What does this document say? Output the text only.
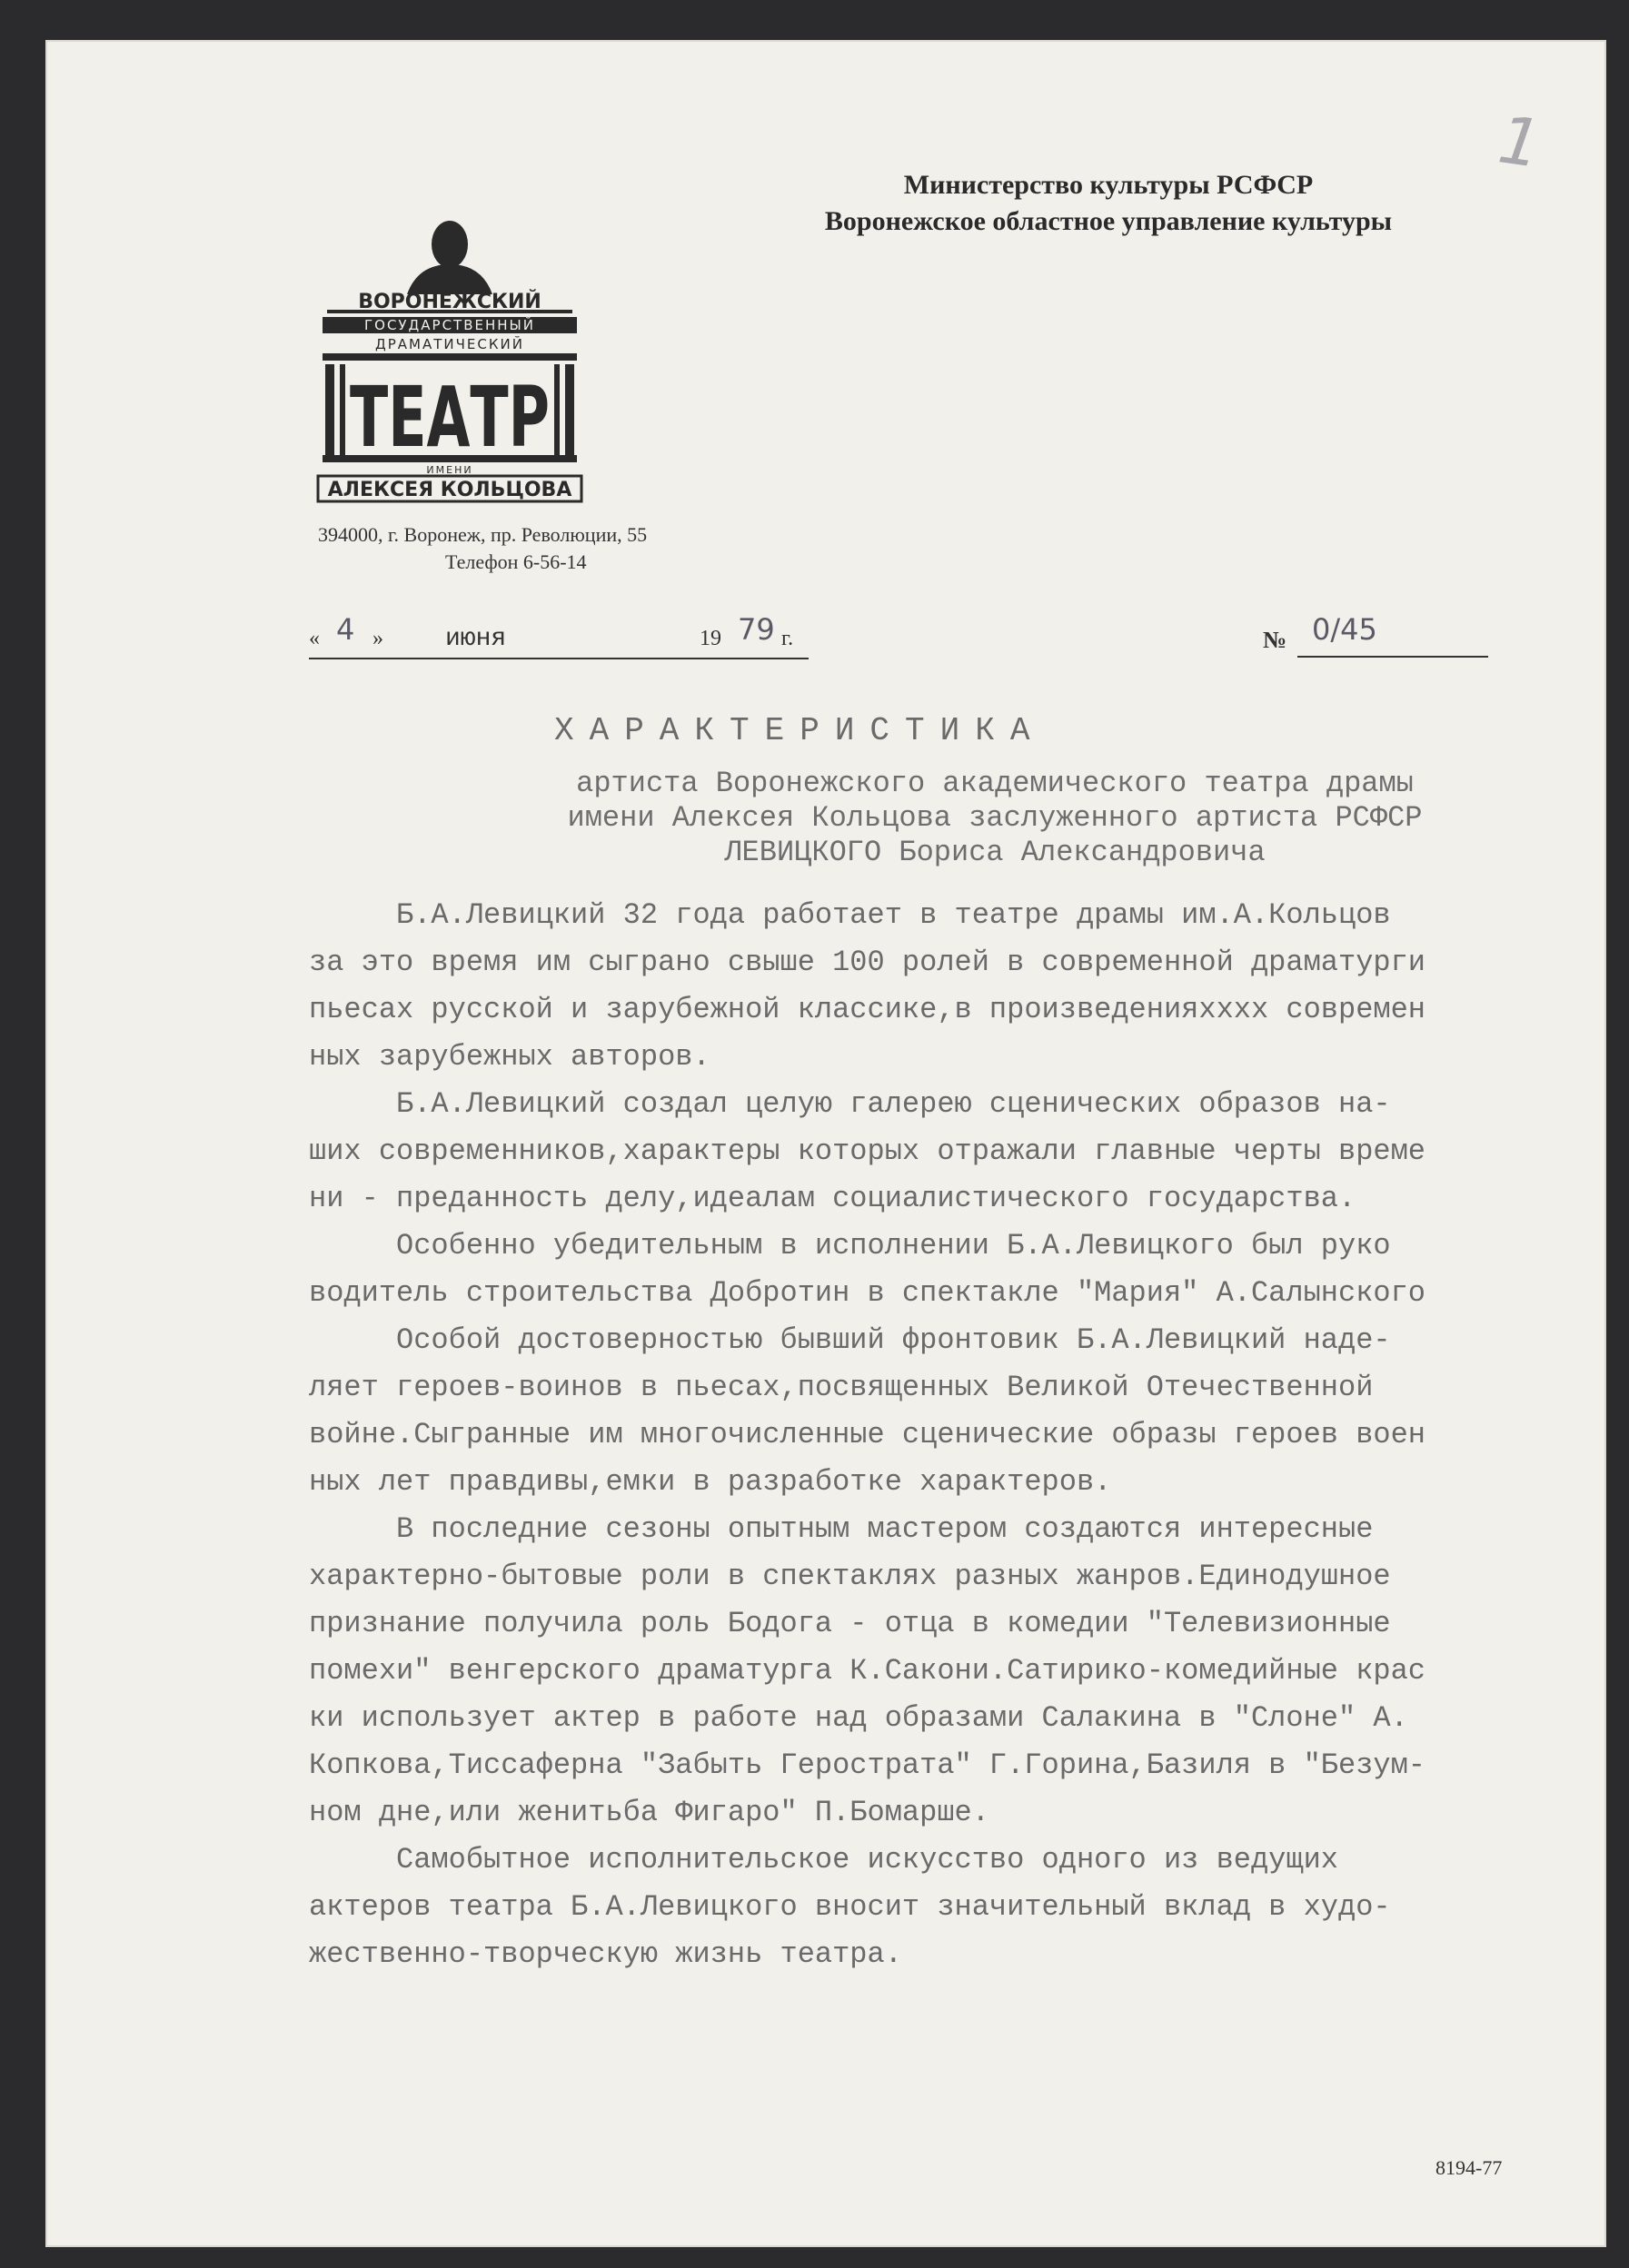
1
Министерство культуры РСФСР
Воронежское областное управление культуры
ВОРОНЕЖСКИЙ
ГОСУДАРСТВЕННЫЙ
ДРАМАТИЧЕСКИЙ
ТЕАТР
ИМЕНИ
АЛЕКСЕЯ КОЛЬЦОВА
394000, г. Воронеж, пр. Революции, 55
Телефон 6-56-14
« 4 » июня	19 79 г.	№ 0/45
ХАРАКТЕРИСТИКА
артиста Воронежского академического театра драмы
имени Алексея Кольцова заслуженного артиста РСФСР
ЛЕВИЦКОГО Бориса Александровича

Б.А.Левицкий 32 года работает в театре драмы им.А.Кольцов

за это время им сыграно свыше 100 ролей в современной драматурги

пьесах русской и зарубежной классике,в произведенияхххх современ

ных зарубежных авторов.

Б.А.Левицкий создал целую галерею сценических образов на-

ших современников,характеры которых отражали главные черты време

ни - преданность делу,идеалам социалистического государства.

Особенно убедительным в исполнении Б.А.Левицкого был руко

водитель строительства Добротин в спектакле "Мария" А.Салынского

Особой достоверностью бывший фронтовик Б.А.Левицкий наде-

ляет героев-воинов в пьесах,посвященных Великой Отечественной

войне.Сыгранные им многочисленные сценические образы героев воен

ных лет правдивы,емки в разработке характеров.

В последние сезоны опытным мастером создаются интересные

характерно-бытовые роли в спектаклях разных жанров.Единодушное

признание получила роль Бодога - отца в комедии "Телевизионные

помехи" венгерского драматурга К.Сакони.Сатирико-комедийные крас

ки использует актер в работе над образами Салакина в "Слоне" А.

Копкова,Тиссаферна "Забыть Герострата" Г.Горина,Базиля в "Безум-

ном дне,или женитьба Фигаро" П.Бомарше.

Самобытное исполнительское искусство одного из ведущих

актеров театра Б.А.Левицкого вносит значительный вклад в худо-

жественно-творческую жизнь театра.

8194-77
